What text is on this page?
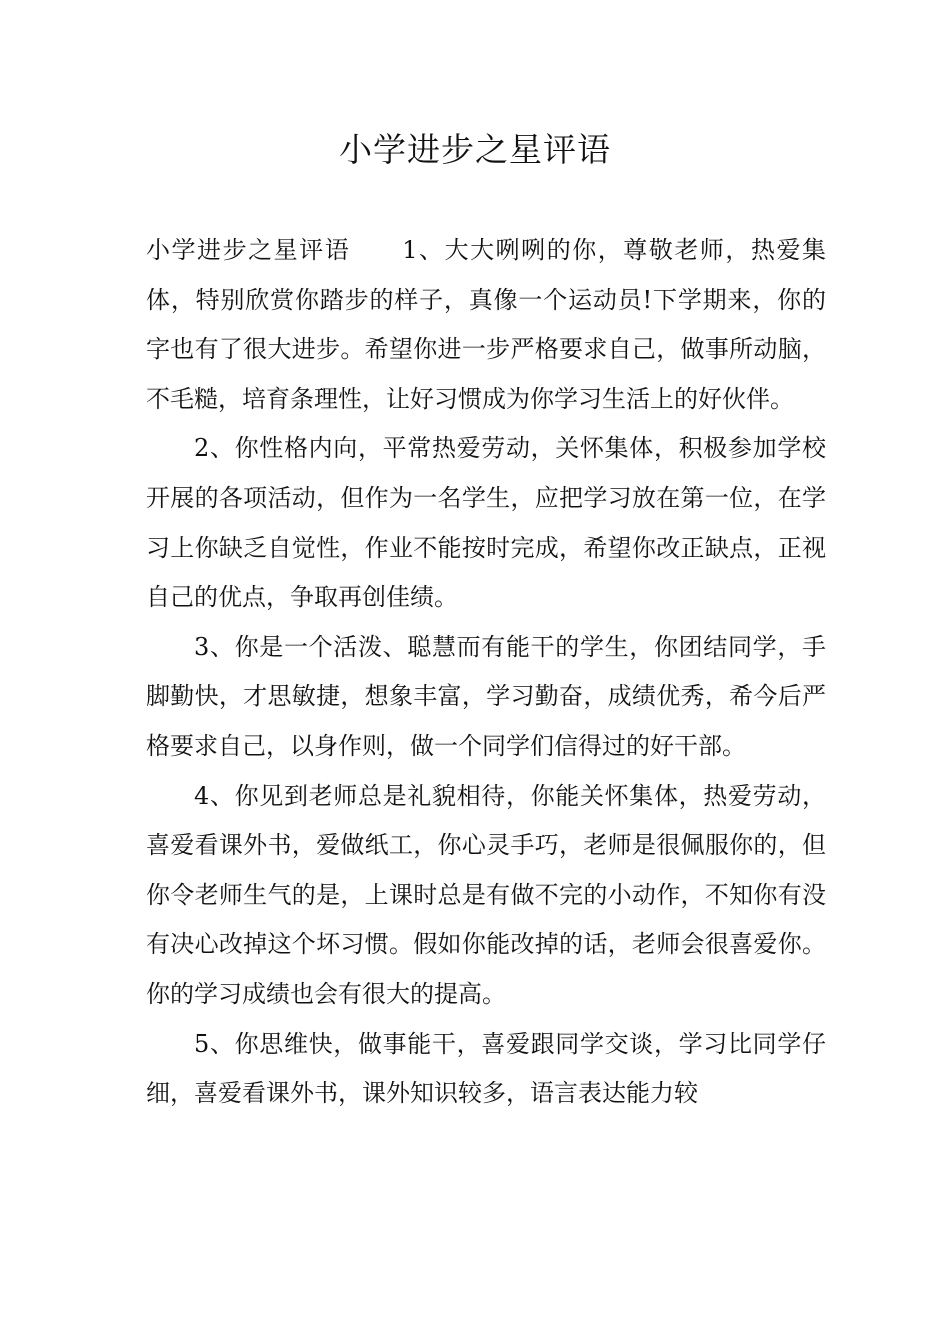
小学进步之星评语

小学进步之星评语 1、大大咧咧的你，尊敬老师，热爱集体，特别欣赏你踏步的样子，真像一个运动员!下学期来，你的字也有了很大进步。希望你进一步严格要求自己，做事所动脑，不毛糙，培育条理性，让好习惯成为你学习生活上的好伙伴。

2、你性格内向，平常热爱劳动，关怀集体，积极参加学校开展的各项活动，但作为一名学生，应把学习放在第一位，在学习上你缺乏自觉性，作业不能按时完成，希望你改正缺点，正视自己的优点，争取再创佳绩。

3、你是一个活泼、聪慧而有能干的学生，你团结同学，手脚勤快，才思敏捷，想象丰富，学习勤奋，成绩优秀，希今后严格要求自己，以身作则，做一个同学们信得过的好干部。

4、你见到老师总是礼貌相待，你能关怀集体，热爱劳动，喜爱看课外书，爱做纸工，你心灵手巧，老师是很佩服你的，但你令老师生气的是，上课时总是有做不完的小动作，不知你有没有决心改掉这个坏习惯。假如你能改掉的话，老师会很喜爱你。你的学习成绩也会有很大的提高。

5、你思维快，做事能干，喜爱跟同学交谈，学习比同学仔细，喜爱看课外书，课外知识较多，语言表达能力较
